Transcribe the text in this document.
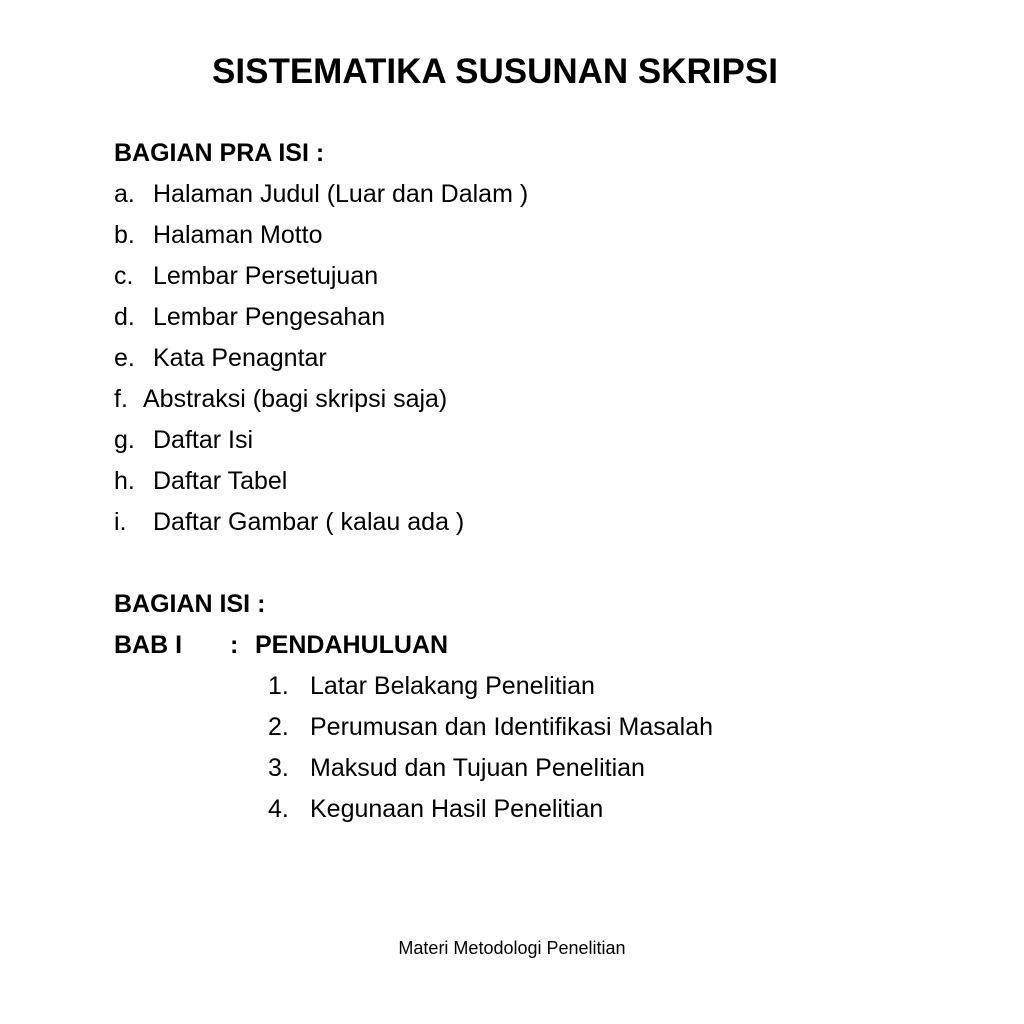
SISTEMATIKA SUSUNAN SKRIPSI
BAGIAN PRA ISI :
a. Halaman Judul (Luar dan Dalam )
b. Halaman Motto
c. Lembar Persetujuan
d. Lembar Pengesahan
e. Kata Penagntar
f. Abstraksi (bagi skripsi saja)
g. Daftar Isi
h. Daftar Tabel
i. Daftar Gambar ( kalau ada )
BAGIAN ISI :
BAB I : PENDAHULUAN
1. Latar Belakang Penelitian
2. Perumusan dan Identifikasi Masalah
3. Maksud dan Tujuan Penelitian
4. Kegunaan Hasil Penelitian
Materi Metodologi Penelitian
